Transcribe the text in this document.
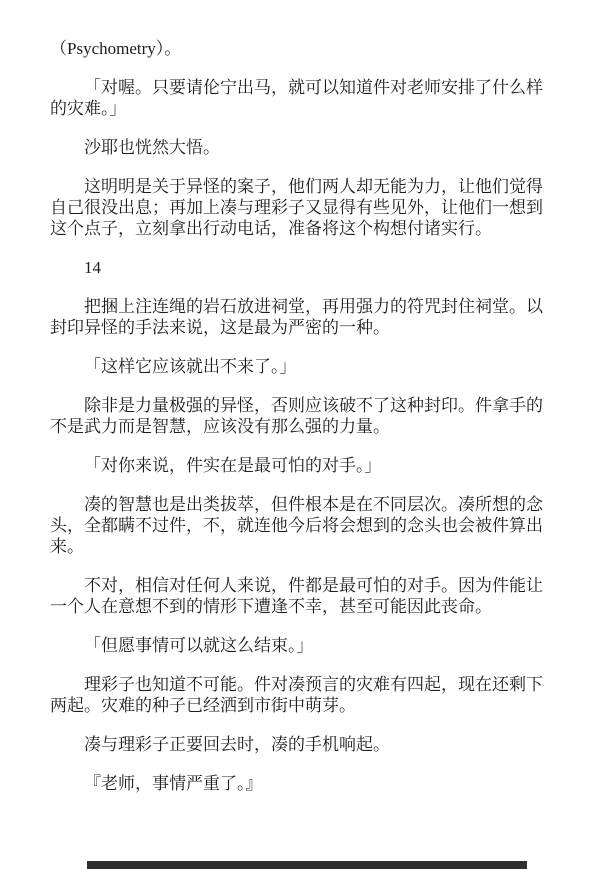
（Psychometry）。

「对喔。只要请伦宁出马，就可以知道件对老师安排了什么样的灾难。」

沙耶也恍然大悟。

这明明是关于异怪的案子，他们两人却无能为力，让他们觉得自己很没出息；再加上凑与理彩子又显得有些见外，让他们一想到这个点子，立刻拿出行动电话，准备将这个构想付诸实行。

14

把捆上注连绳的岩石放进祠堂，再用强力的符咒封住祠堂。以封印异怪的手法来说，这是最为严密的一种。

「这样它应该就出不来了。」

除非是力量极强的异怪，否则应该破不了这种封印。件拿手的不是武力而是智慧，应该没有那么强的力量。

「对你来说，件实在是最可怕的对手。」

凑的智慧也是出类拔萃，但件根本是在不同层次。凑所想的念头，全都瞒不过件，不，就连他今后将会想到的念头也会被件算出来。

不对，相信对任何人来说，件都是最可怕的对手。因为件能让一个人在意想不到的情形下遭逢不幸，甚至可能因此丧命。

「但愿事情可以就这么结束。」

理彩子也知道不可能。件对凑预言的灾难有四起，现在还剩下两起。灾难的种子已经洒到市街中萌芽。

凑与理彩子正要回去时，凑的手机响起。

『老师，事情严重了。』
